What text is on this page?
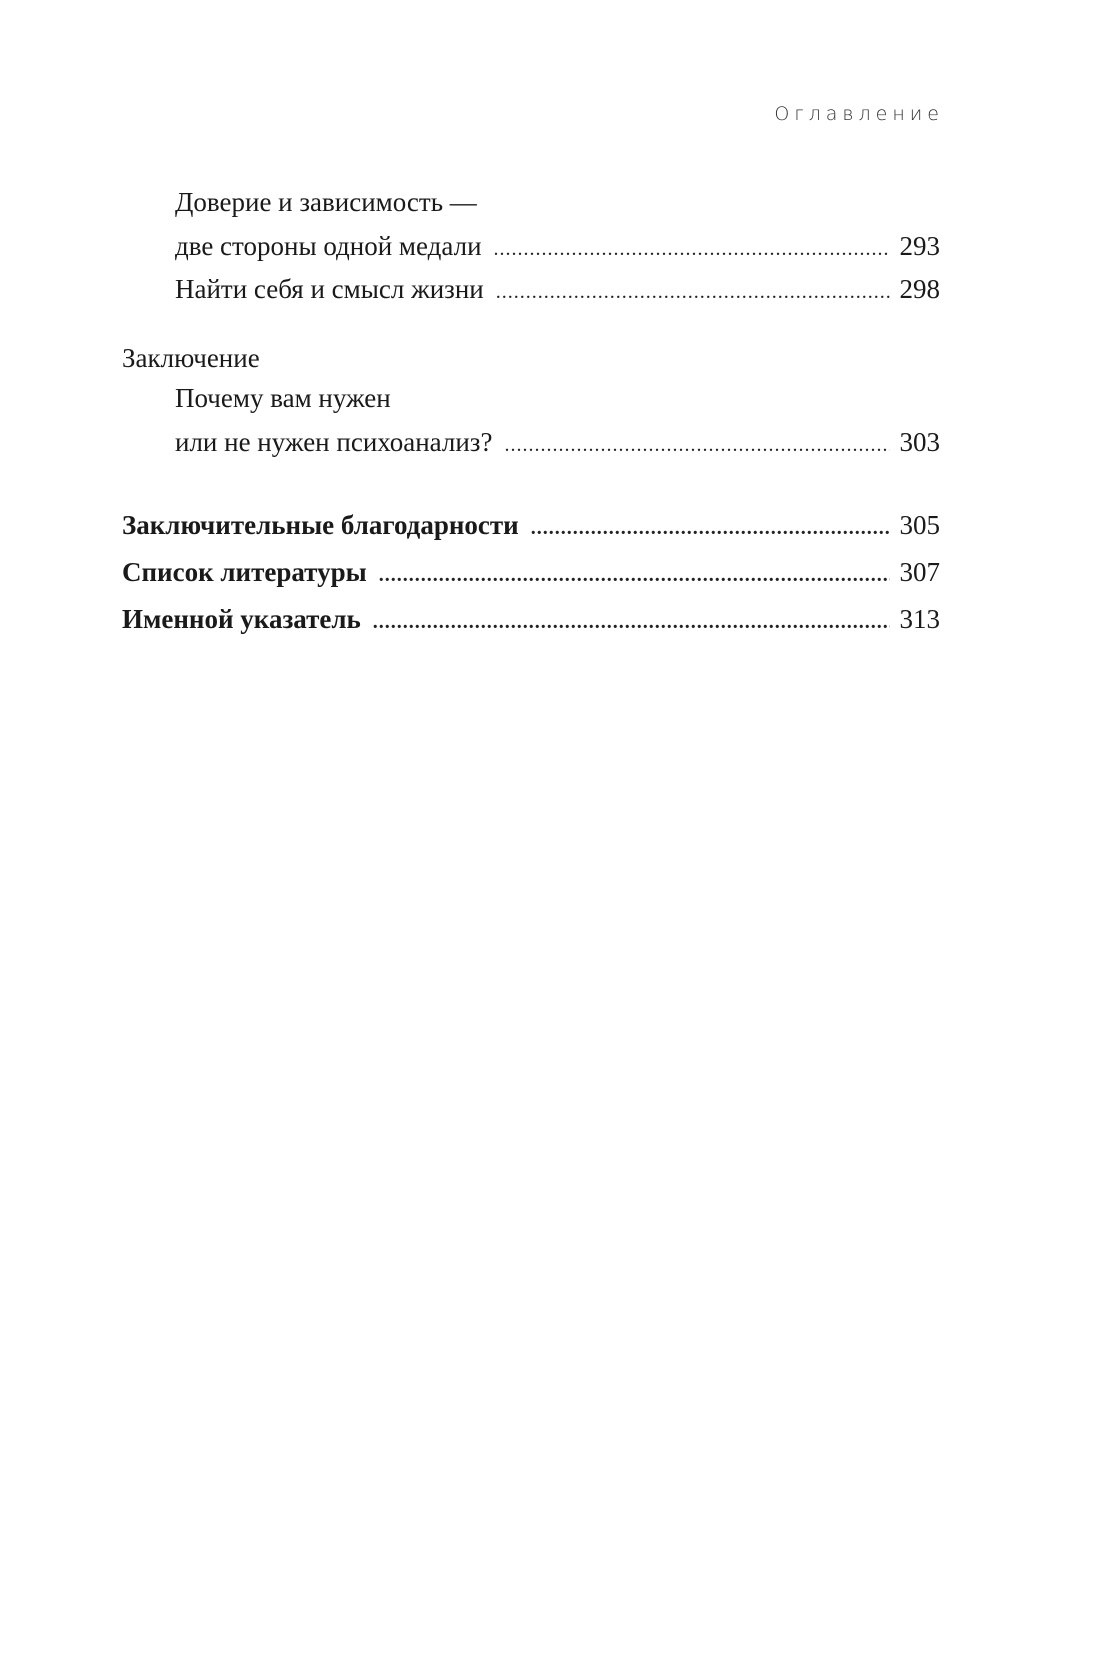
Оглавление
Доверие и зависимость —
две стороны одной медали .....	293
Найти себя и смысл жизни .....	298
Заключение
Почему вам нужен
или не нужен психоанализ? .....	303
Заключительные благодарности .....	305
Список литературы .....	307
Именной указатель .....	313
